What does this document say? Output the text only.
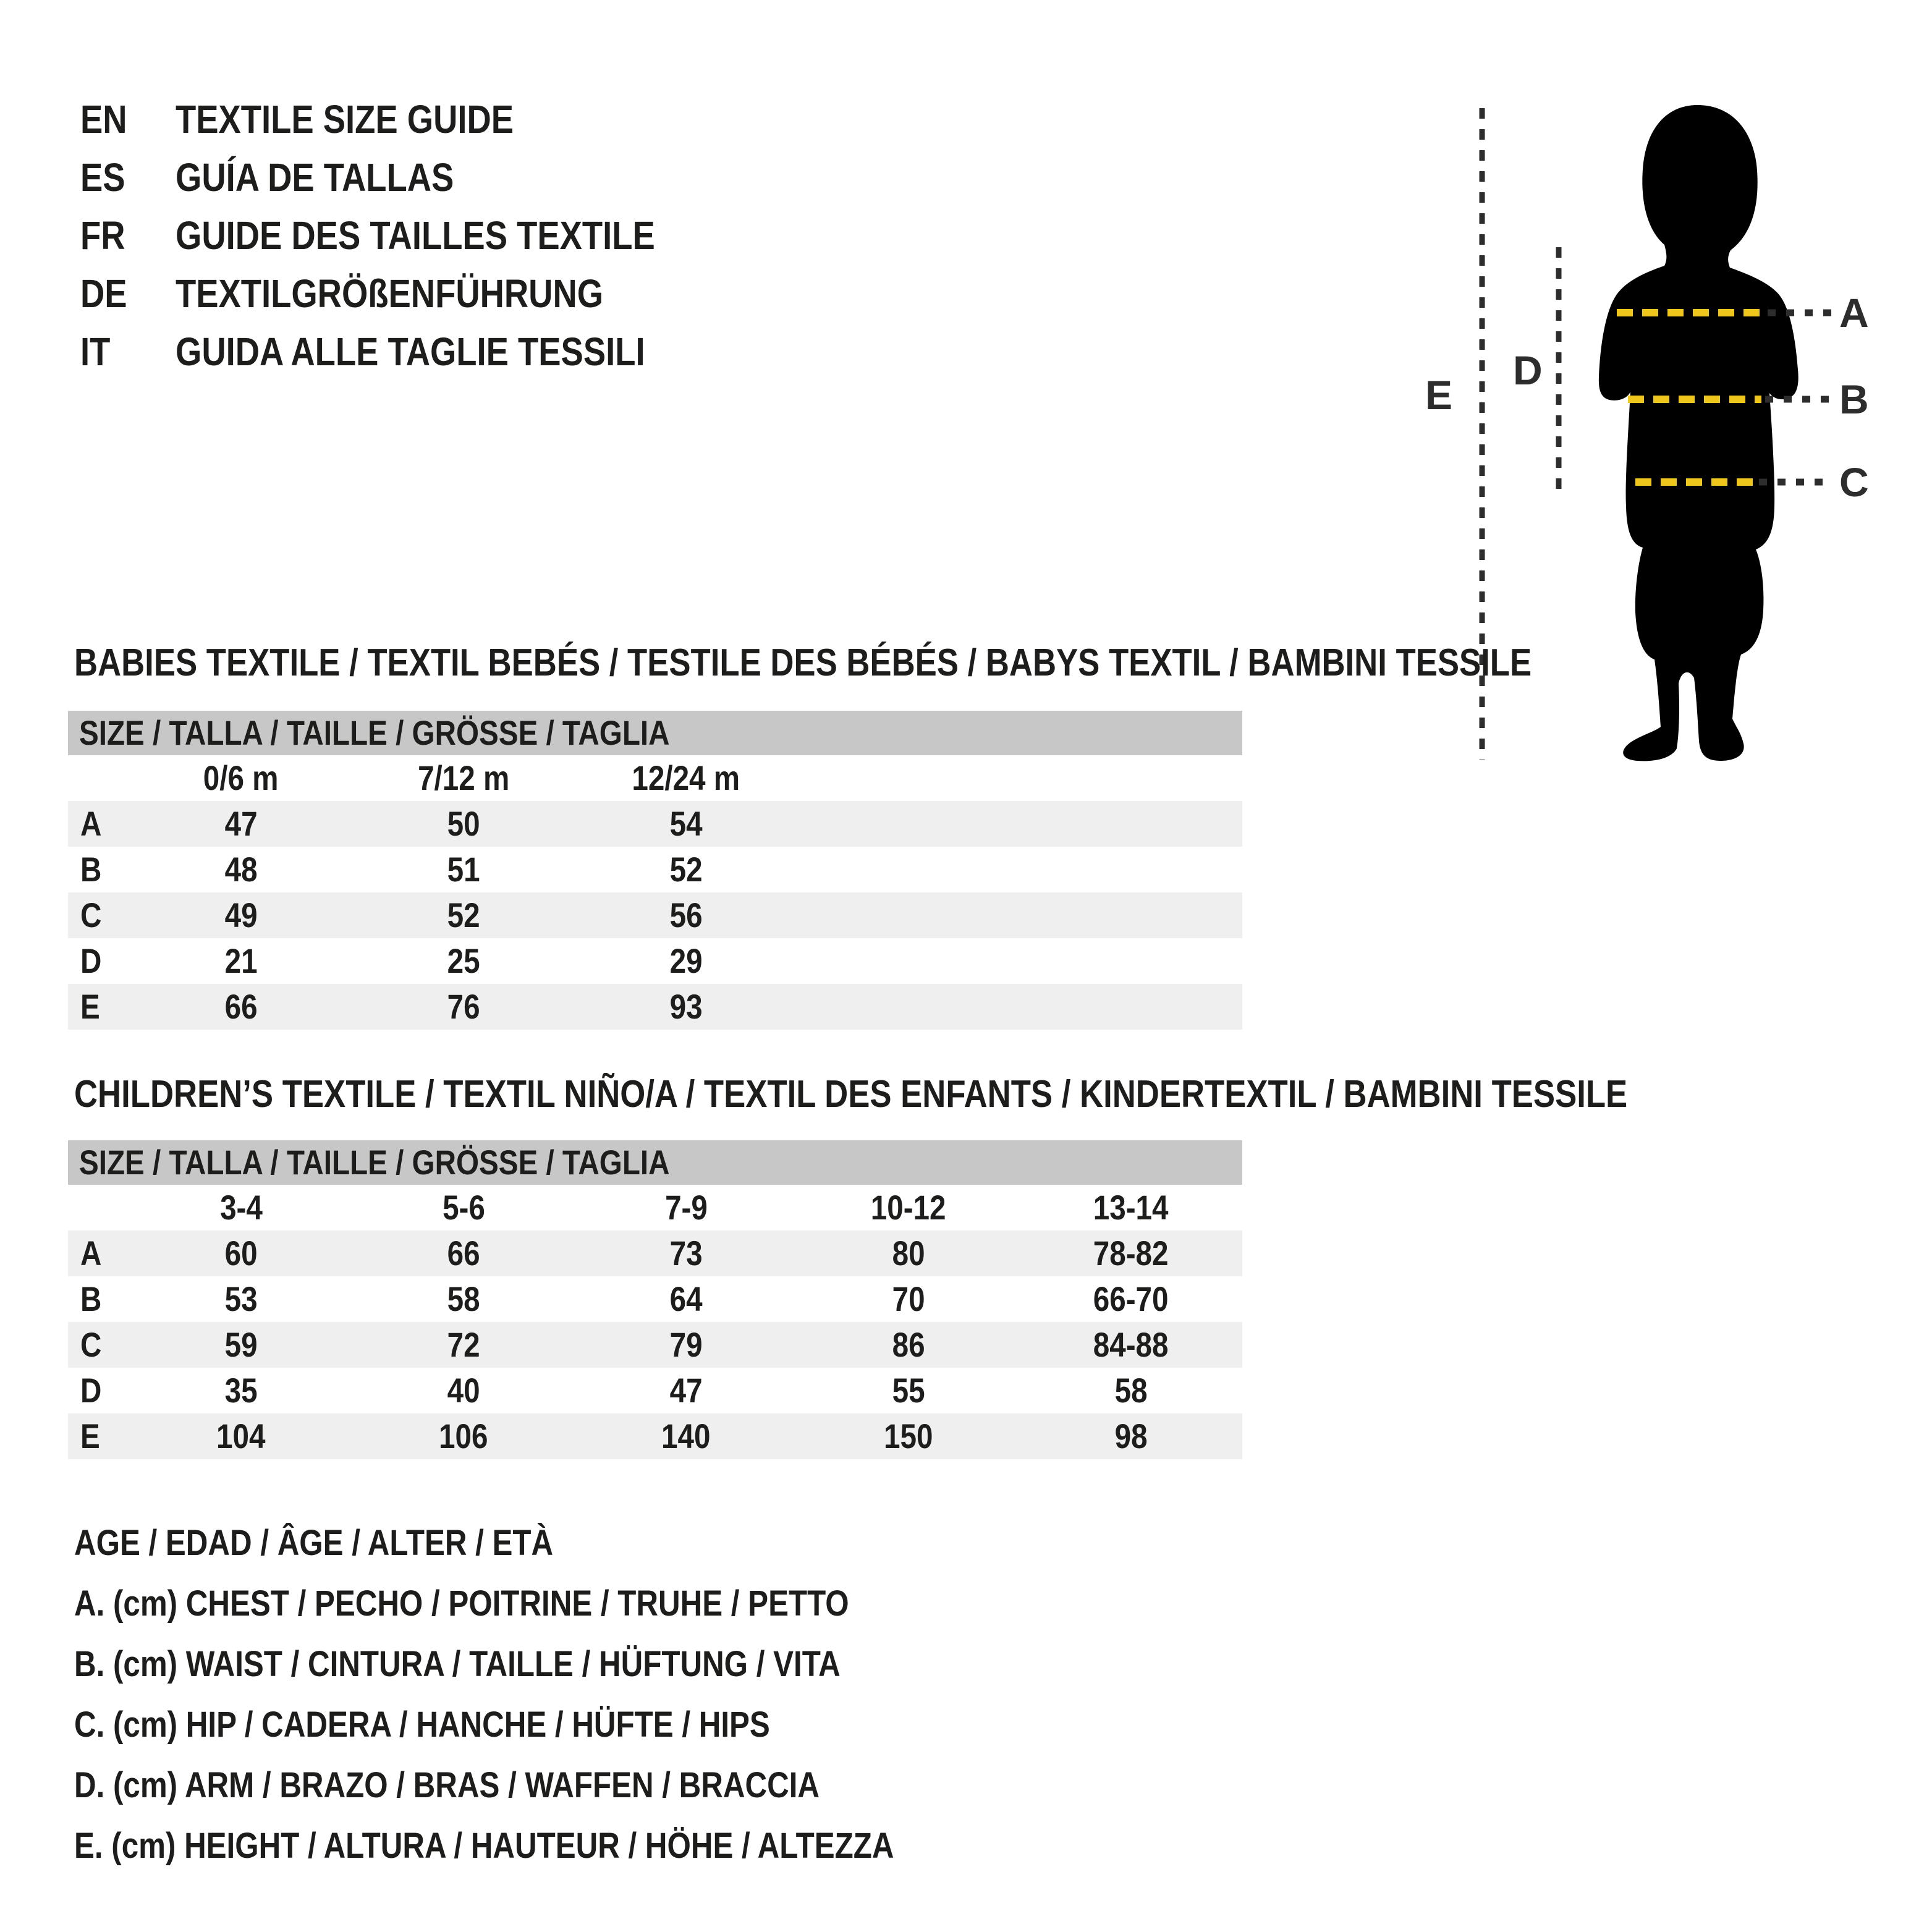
EN TEXTILE SIZE GUIDE
ES GUÍA DE TALLAS
FR GUIDE DES TAILLES TEXTILE
DE TEXTILGRÖßENFÜHRUNG
IT GUIDA ALLE TAGLIE TESSILI
A
B
C
D
E
BABIES TEXTILE / TEXTIL BEBÉS / TESTILE DES BÉBÉS / BABYS TEXTIL / BAMBINI TESSILE
SIZE / TALLA / TAILLE / GRÖSSE / TAGLIA					
	0/6 m	7/12 m	12/24 m		
A	47	50	54		
B	48	51	52		
C	49	52	56		
D	21	25	29		
E	66	76	93		
CHILDREN’S TEXTILE / TEXTIL NIÑO/A / TEXTIL DES ENFANTS / KINDERTEXTIL / BAMBINI TESSILE
SIZE / TALLA / TAILLE / GRÖSSE / TAGLIA					
	3-4	5-6	7-9	10-12	13-14
A	60	66	73	80	78-82
B	53	58	64	70	66-70
C	59	72	79	86	84-88
D	35	40	47	55	58
E	104	106	140	150	98
AGE / EDAD / ÂGE / ALTER / ETÀ
A. (cm) CHEST / PECHO / POITRINE / TRUHE / PETTO
B. (cm) WAIST / CINTURA / TAILLE / HÜFTUNG / VITA
C. (cm) HIP / CADERA / HANCHE / HÜFTE / HIPS
D. (cm) ARM / BRAZO / BRAS / WAFFEN / BRACCIA
E. (cm) HEIGHT / ALTURA / HAUTEUR / HÖHE / ALTEZZA
